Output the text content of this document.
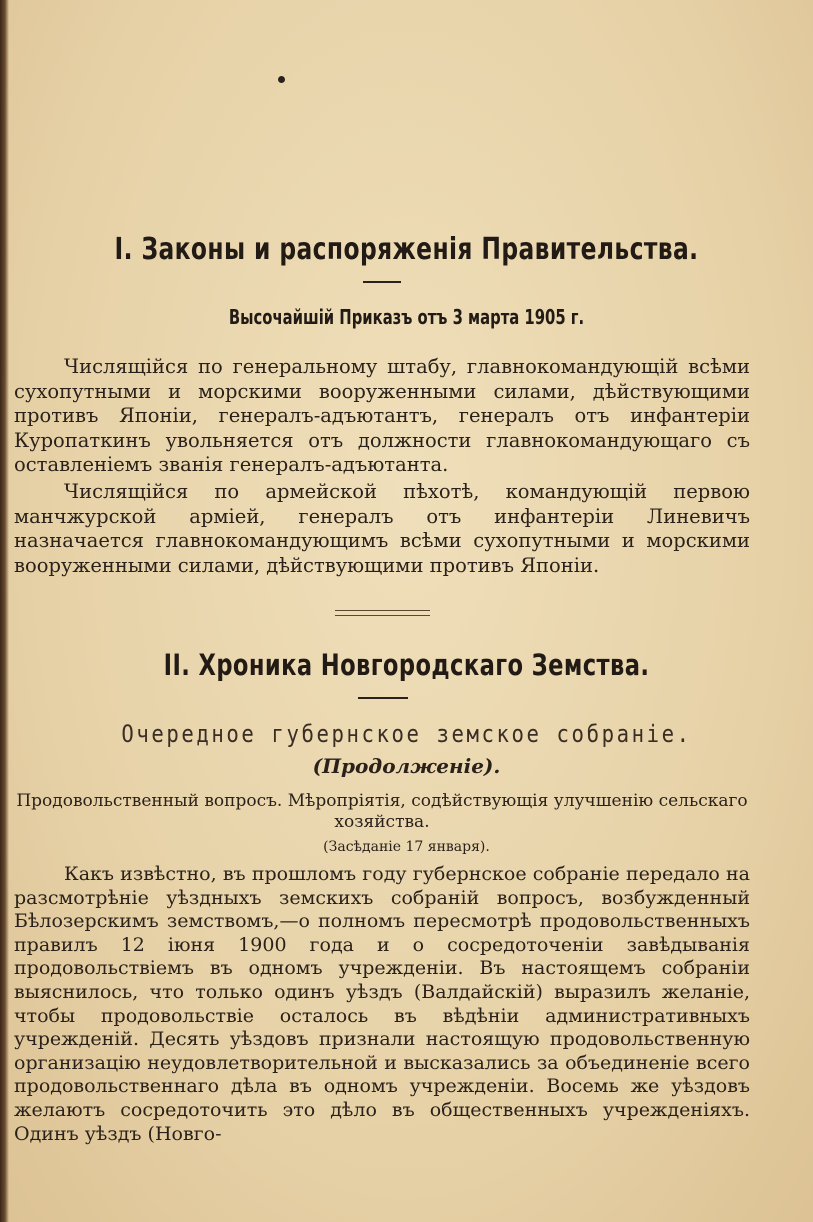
I. Законы и распоряженія Правительства.
Высочайшій Приказъ отъ 3 марта 1905 г.
Числящійся по генеральному штабу, главнокомандующій всѣми сухопутными и морскими вооруженными силами, дѣйствующими противъ Японіи, генералъ-адъютантъ, генералъ отъ инфантеріи Куропаткинъ увольняется отъ должности главнокомандующаго съ оставленіемъ званія генералъ-адъютанта.
Числящійся по армейской пѣхотѣ, командующій первою манчжурской арміей, генералъ отъ инфантеріи Линевичъ назначается главнокомандующимъ всѣми сухопутными и морскими вооруженными силами, дѣйствующими противъ Японіи.
II. Хроника Новгородскаго Земства.
Очередное губернское земское собраніе.
(Продолженіе).
Продовольственный вопросъ. Мѣропріятія, содѣйствующія улучшенію сельскаго хозяйства.
(Засѣданіе 17 января).
Какъ извѣстно, въ прошломъ году губернское собраніе передало на разсмотрѣніе уѣздныхъ земскихъ собраній вопросъ, возбужденный Бѣлозерскимъ земствомъ,—о полномъ пересмотрѣ продовольственныхъ правилъ 12 іюня 1900 года и о сосредоточеніи завѣдыванія продовольствіемъ въ одномъ учрежденіи. Въ настоящемъ собраніи выяснилось, что только одинъ уѣздъ (Валдайскій) выразилъ желаніе, чтобы продовольствіе осталось въ вѣдѣніи административныхъ учрежденій. Десять уѣздовъ признали настоящую продовольственную организацію неудовлетворительной и высказались за объединеніе всего продовольственнаго дѣла въ одномъ учрежденіи. Восемь же уѣздовъ желаютъ сосредоточить это дѣло въ общественныхъ учрежденіяхъ. Одинъ уѣздъ (Новго-
